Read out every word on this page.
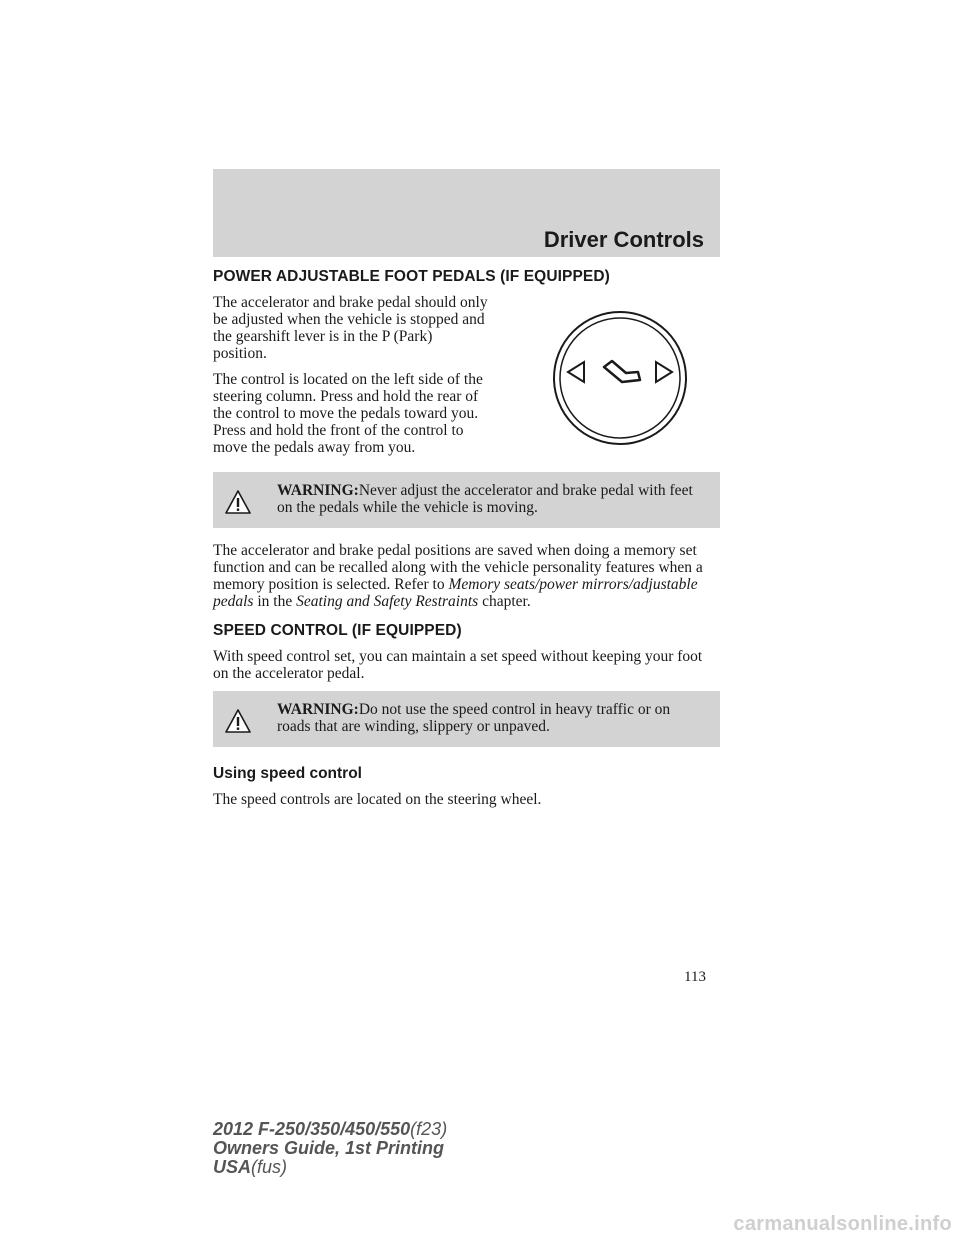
Driver Controls
POWER ADJUSTABLE FOOT PEDALS (IF EQUIPPED)

The accelerator and brake pedal should only be adjusted when the vehicle is stopped and the gearshift lever is in the P (Park) position.

The control is located on the left side of the steering column. Press and hold the rear of the control to move the pedals toward you. Press and hold the front of the control to move the pedals away from you.

WARNING:Never adjust the accelerator and brake pedal with feet on the pedals while the vehicle is moving.

The accelerator and brake pedal positions are saved when doing a memory set function and can be recalled along with the vehicle personality features when a memory position is selected. Refer to Memory seats/power mirrors/adjustable pedals in the Seating and Safety Restraints chapter.

SPEED CONTROL (IF EQUIPPED)

With speed control set, you can maintain a set speed without keeping your foot on the accelerator pedal.

WARNING:Do not use the speed control in heavy traffic or on roads that are winding, slippery or unpaved.
Using speed control

The speed controls are located on the steering wheel.

113
2012 F-250/350/450/550(f23)
Owners Guide, 1st Printing
USA(fus)
carmanualsonline.info
